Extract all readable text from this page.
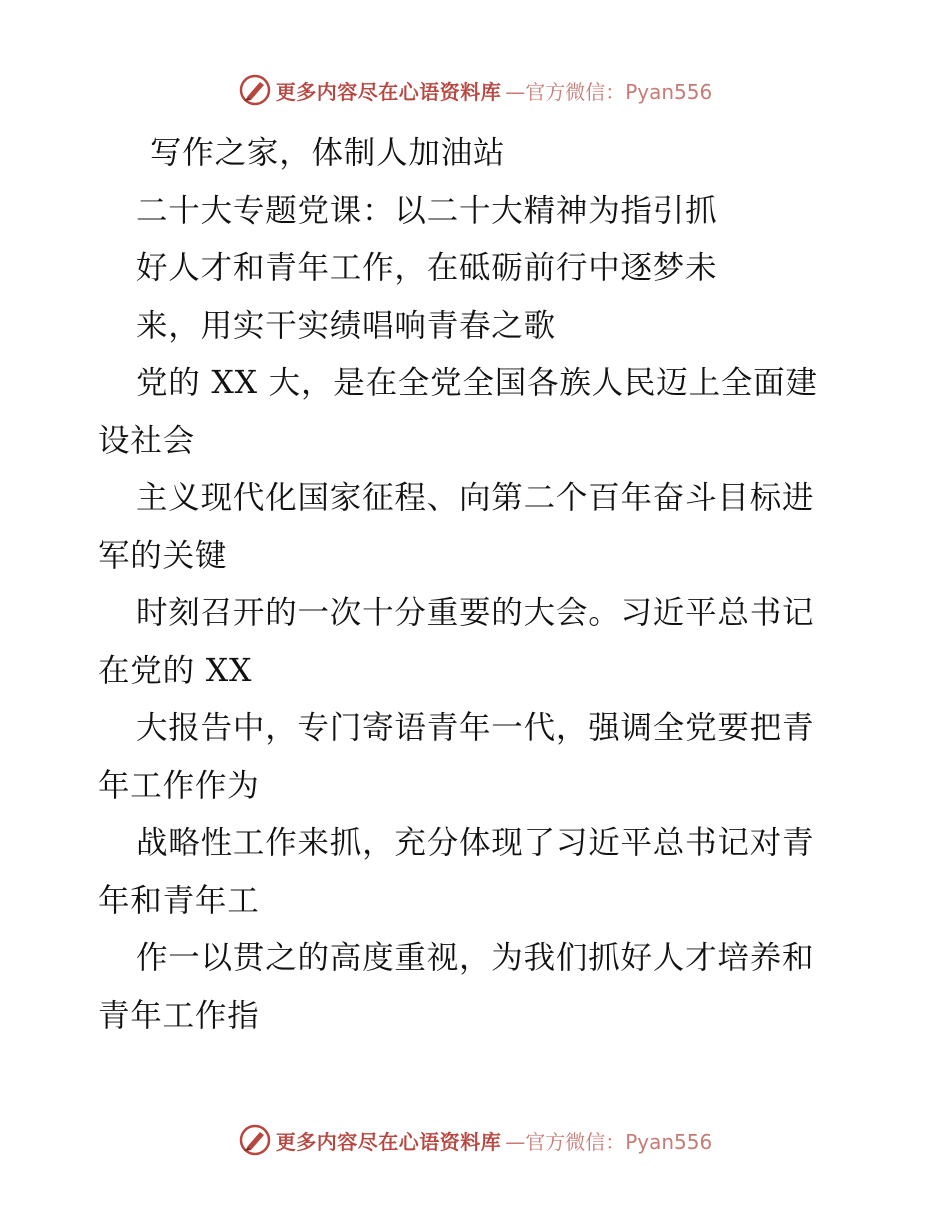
更多内容尽在心语资料库 —官方微信：Pyan556
写作之家，体制人加油站
二十大专题党课：以二十大精神为指引抓
好人才和青年工作，在砥砺前行中逐梦未
来，用实干实绩唱响青春之歌
党的 XX 大，是在全党全国各族人民迈上全面建
设社会
主义现代化国家征程、向第二个百年奋斗目标进
军的关键
时刻召开的一次十分重要的大会。习近平总书记
在党的 XX
大报告中，专门寄语青年一代，强调全党要把青
年工作作为
战略性工作来抓，充分体现了习近平总书记对青
年和青年工
作一以贯之的高度重视，为我们抓好人才培养和
青年工作指
更多内容尽在心语资料库 —官方微信：Pyan556
